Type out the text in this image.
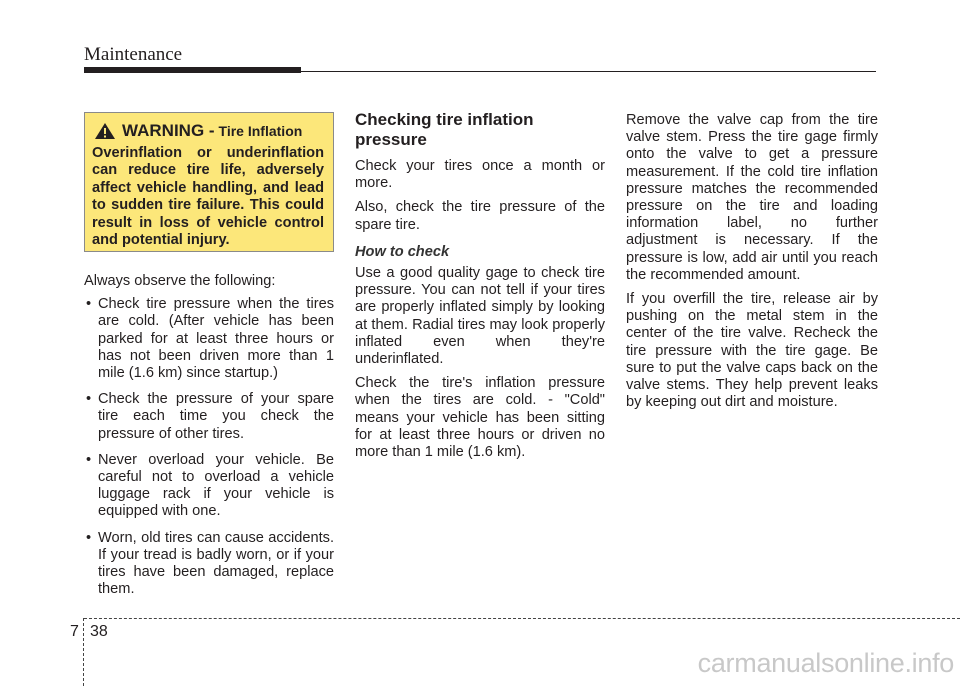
Maintenance
WARNING - Tire Inflation
Overinflation or underinflation can reduce tire life, adversely affect vehicle handling, and lead to sudden tire failure. This could result in loss of vehicle control and potential injury.
Always observe the following:
• Check tire pressure when the tires are cold. (After vehicle has been parked for at least three hours or has not been driven more than 1 mile (1.6 km) since startup.)
• Check the pressure of your spare tire each time you check the pressure of other tires.
• Never overload your vehicle. Be careful not to overload a vehicle luggage rack if your vehicle is equipped with one.
• Worn, old tires can cause accidents. If your tread is badly worn, or if your tires have been damaged, replace them.
Checking tire inflation pressure

Check your tires once a month or more.

Also, check the tire pressure of the spare tire.

How to check

Use a good quality gage to check tire pressure. You can not tell if your tires are properly inflated simply by looking at them. Radial tires may look properly inflated even when they're underinflated.

Check the tire's inflation pressure when the tires are cold. - "Cold" means your vehicle has been sitting for at least three hours or driven no more than 1 mile (1.6 km).

Remove the valve cap from the tire valve stem. Press the tire gage firmly onto the valve to get a pressure measurement. If the cold tire inflation pressure matches the recommended pressure on the tire and loading information label, no further adjustment is necessary. If the pressure is low, add air until you reach the recommended amount.

If you overfill the tire, release air by pushing on the metal stem in the center of the tire valve. Recheck the tire pressure with the tire gage. Be sure to put the valve caps back on the valve stems. They help prevent leaks by keeping out dirt and moisture.

7 38
carmanualsonline.info
